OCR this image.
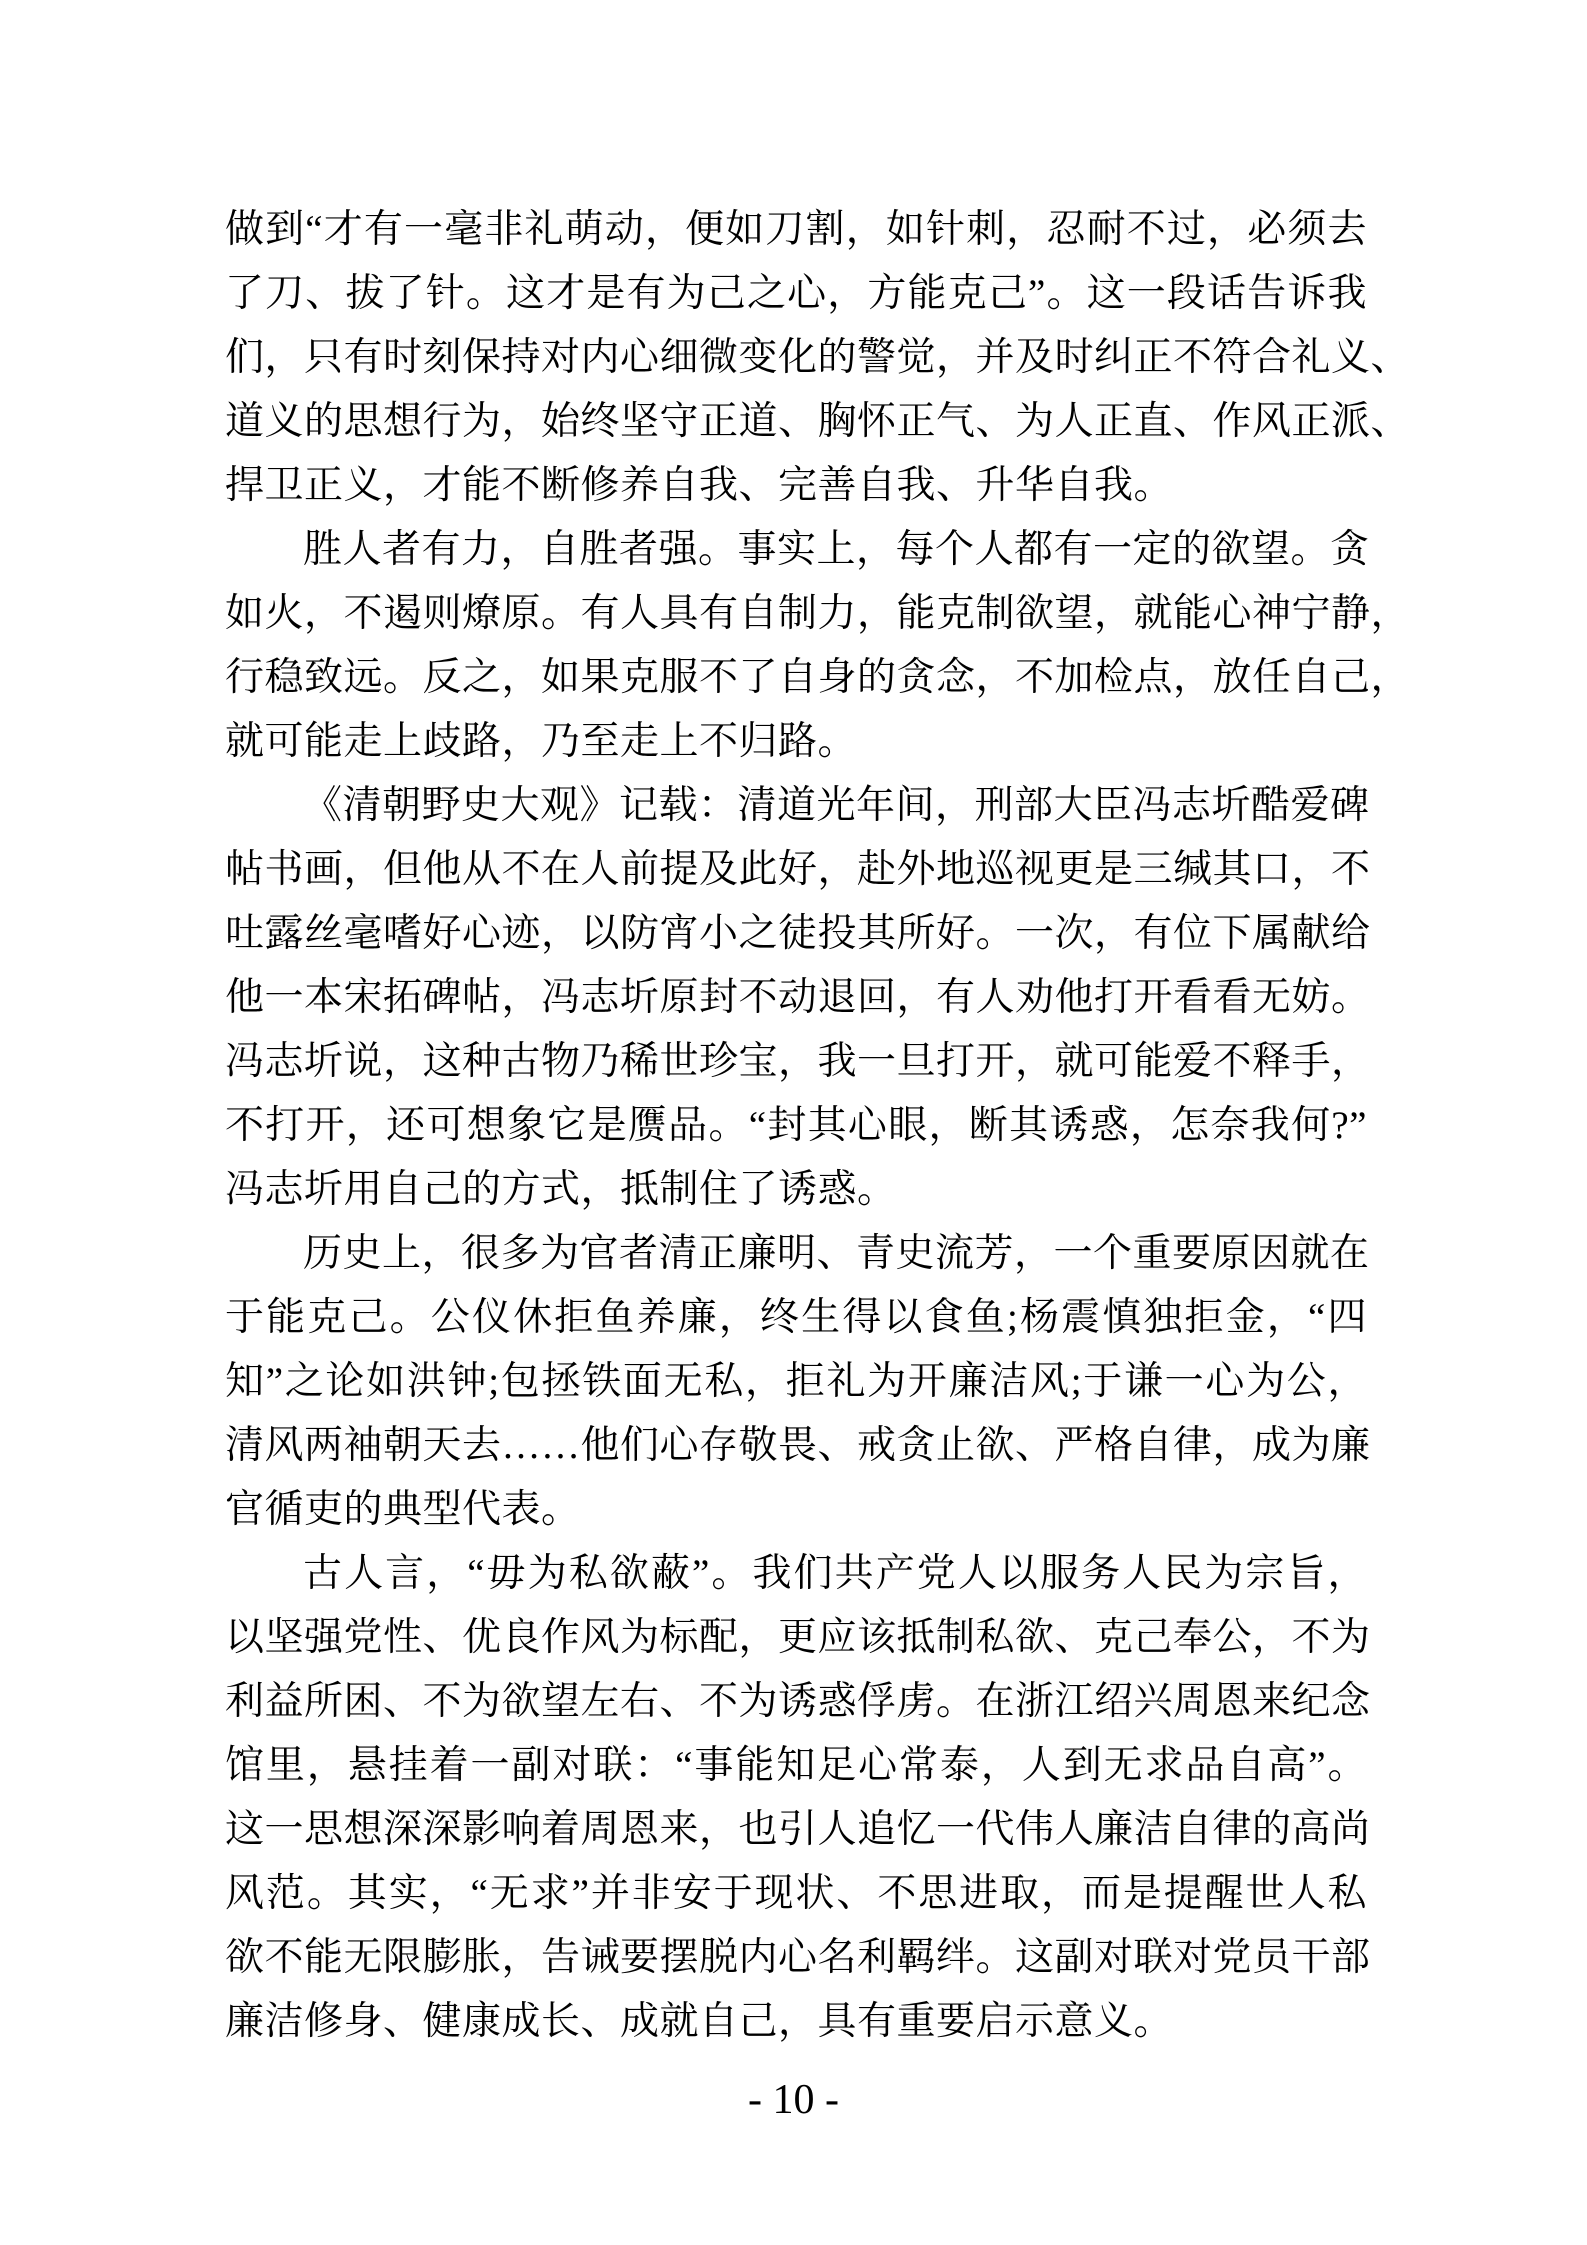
做到“才有一毫非礼萌动，便如刀割，如针刺，忍耐不过，必须去
了刀、拔了针。这才是有为己之心，方能克己”。这一段话告诉我
们，只有时刻保持对内心细微变化的警觉，并及时纠正不符合礼义、
道义的思想行为，始终坚守正道、胸怀正气、为人正直、作风正派、
捍卫正义，才能不断修养自我、完善自我、升华自我。
胜人者有力，自胜者强。事实上，每个人都有一定的欲望。贪
如火，不遏则燎原。有人具有自制力，能克制欲望，就能心神宁静，
行稳致远。反之，如果克服不了自身的贪念，不加检点，放任自己，
就可能走上歧路，乃至走上不归路。
《清朝野史大观》记载：清道光年间，刑部大臣冯志圻酷爱碑
帖书画，但他从不在人前提及此好，赴外地巡视更是三缄其口，不
吐露丝毫嗜好心迹，以防宵小之徒投其所好。一次，有位下属献给
他一本宋拓碑帖，冯志圻原封不动退回，有人劝他打开看看无妨。
冯志圻说，这种古物乃稀世珍宝，我一旦打开，就可能爱不释手，
不打开，还可想象它是赝品。“封其心眼，断其诱惑，怎奈我何?”
冯志圻用自己的方式，抵制住了诱惑。
历史上，很多为官者清正廉明、青史流芳，一个重要原因就在
于能克己。公仪休拒鱼养廉，终生得以食鱼;杨震慎独拒金，“四
知”之论如洪钟;包拯铁面无私，拒礼为开廉洁风;于谦一心为公，
清风两袖朝天去……他们心存敬畏、戒贪止欲、严格自律，成为廉
官循吏的典型代表。
古人言，“毋为私欲蔽”。我们共产党人以服务人民为宗旨，
以坚强党性、优良作风为标配，更应该抵制私欲、克己奉公，不为
利益所困、不为欲望左右、不为诱惑俘虏。在浙江绍兴周恩来纪念
馆里，悬挂着一副对联：“事能知足心常泰，人到无求品自高”。
这一思想深深影响着周恩来，也引人追忆一代伟人廉洁自律的高尚
风范。其实，“无求”并非安于现状、不思进取，而是提醒世人私
欲不能无限膨胀，告诫要摆脱内心名利羁绊。这副对联对党员干部
廉洁修身、健康成长、成就自己，具有重要启示意义。
- 10 -
